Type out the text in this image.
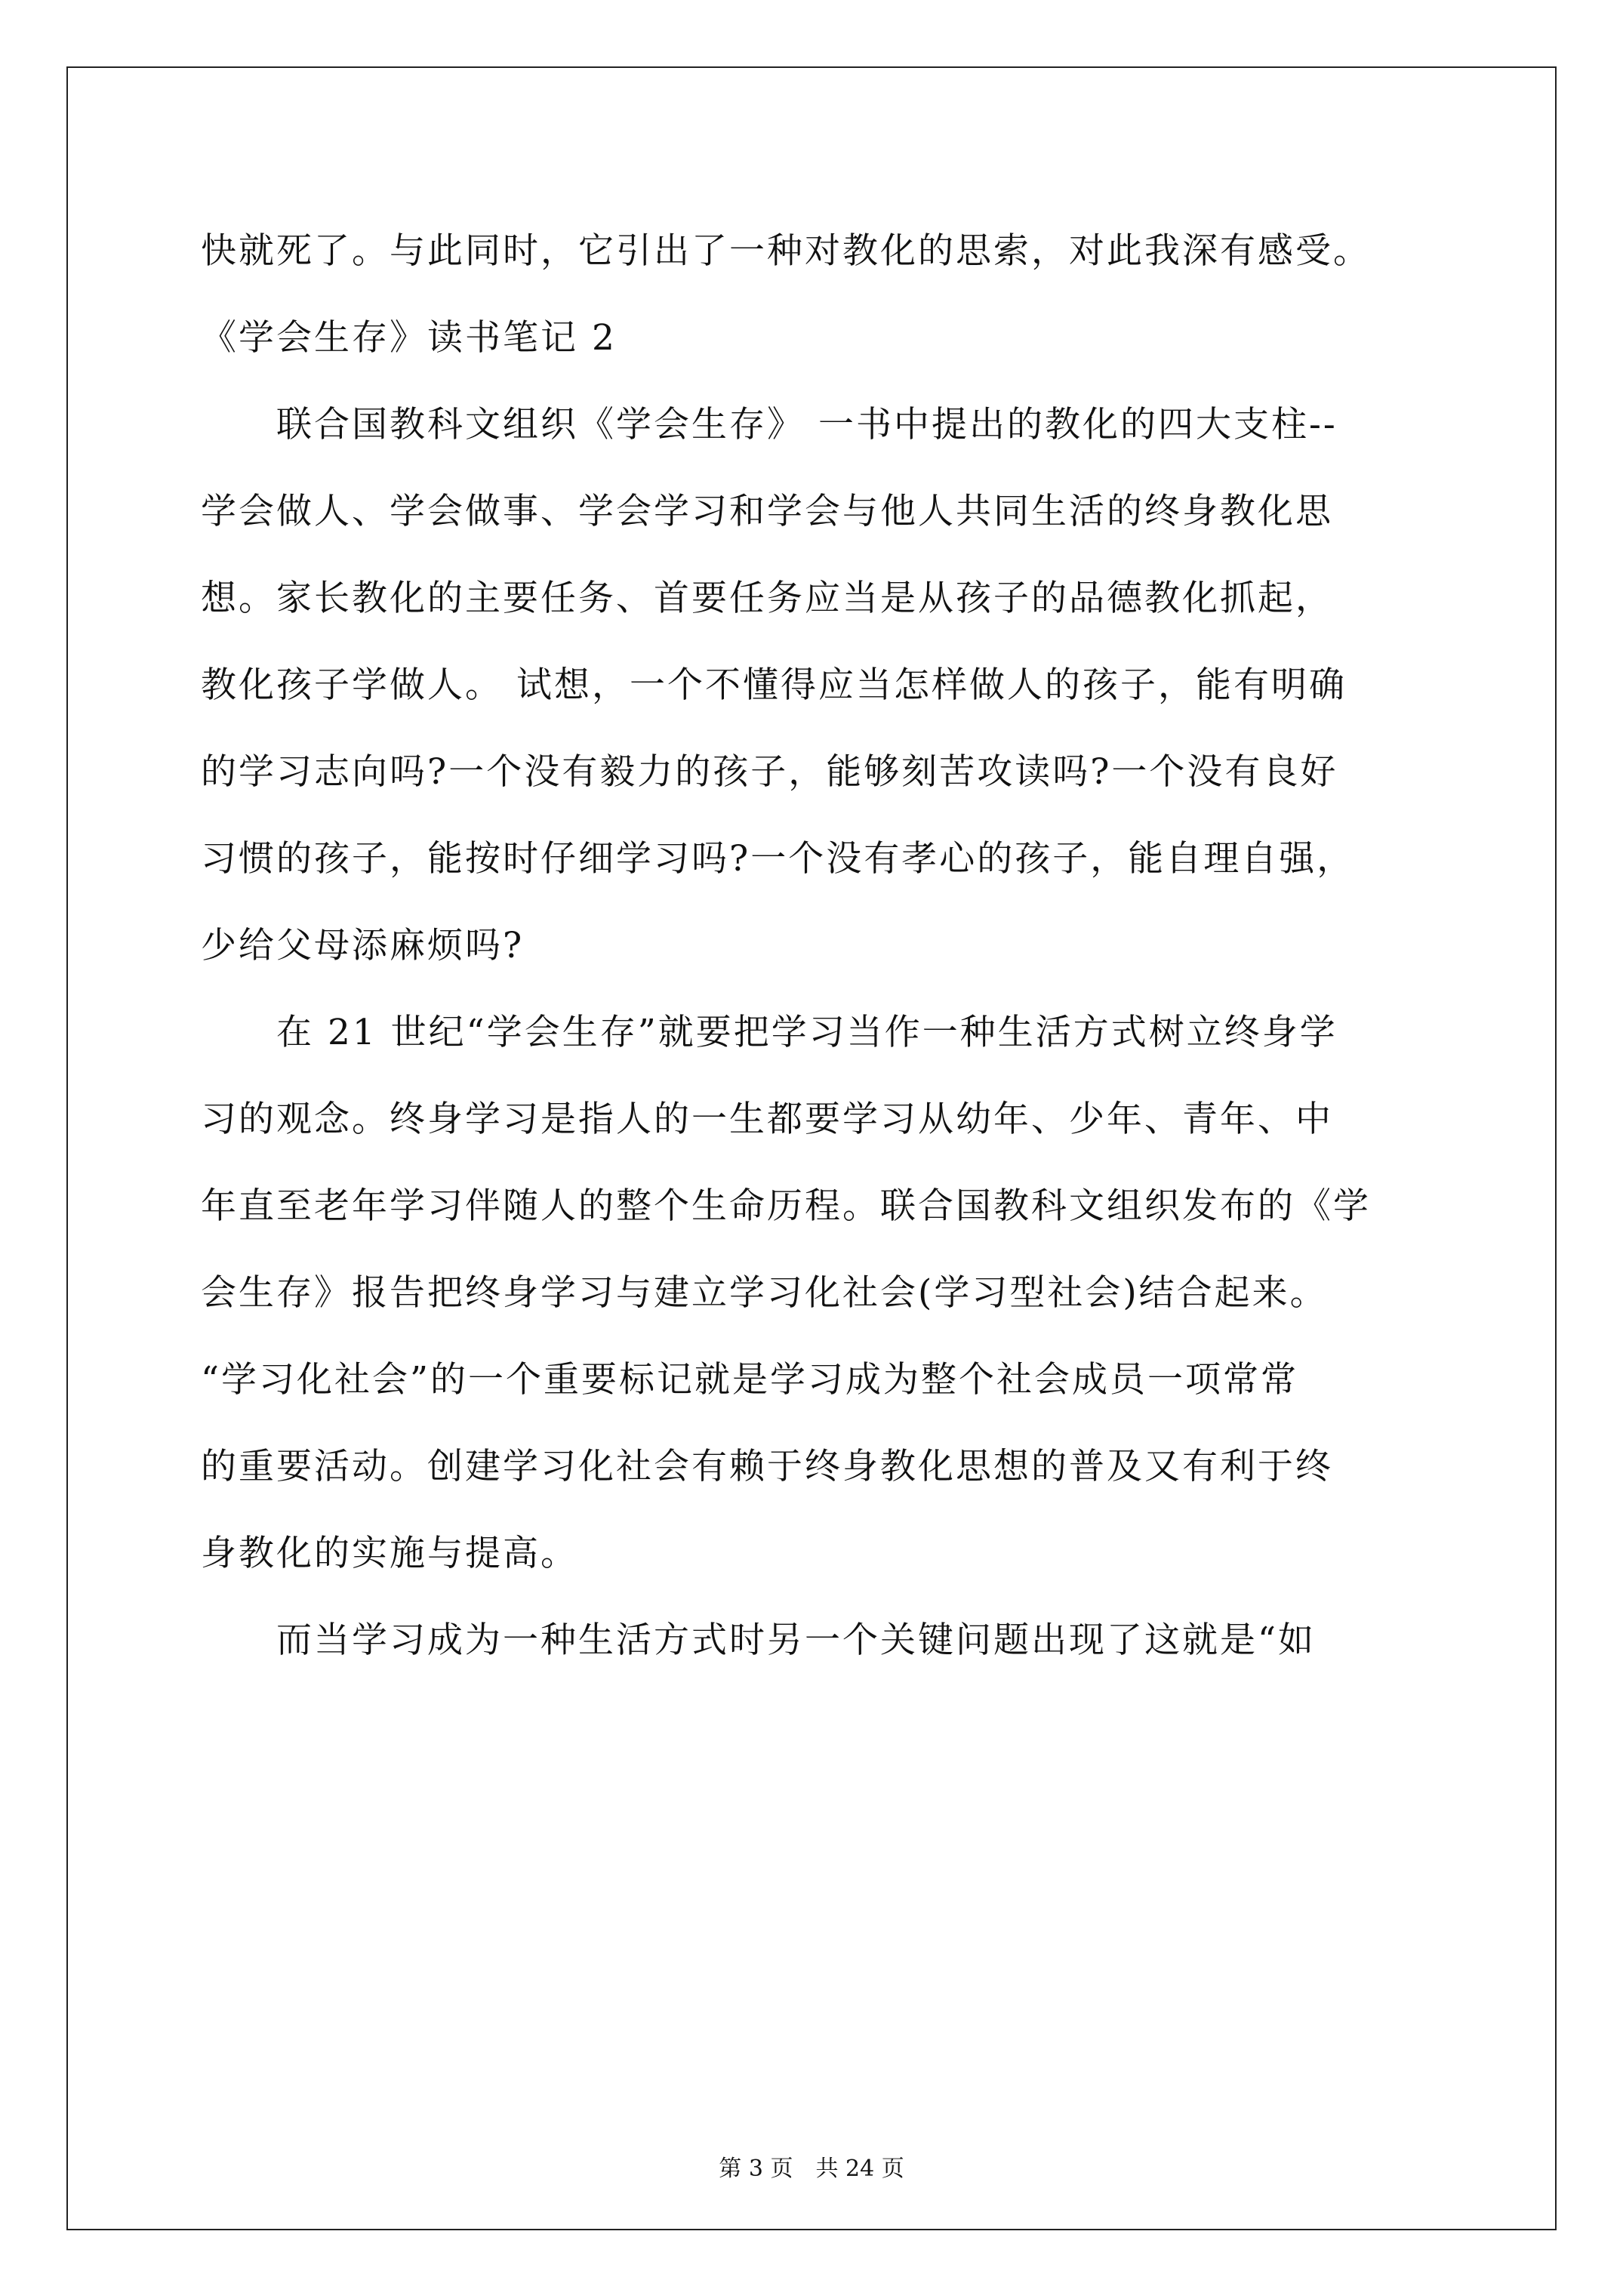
快就死了。与此同时，它引出了一种对教化的思索，对此我深有感受。
《学会生存》读书笔记 2
联合国教科文组织《学会生存》 一书中提出的教化的四大支柱--
学会做人、学会做事、学会学习和学会与他人共同生活的终身教化思
想。家长教化的主要任务、首要任务应当是从孩子的品德教化抓起，
教化孩子学做人。 试想，一个不懂得应当怎样做人的孩子，能有明确
的学习志向吗?一个没有毅力的孩子，能够刻苦攻读吗?一个没有良好
习惯的孩子，能按时仔细学习吗?一个没有孝心的孩子，能自理自强，
少给父母添麻烦吗?
在 21 世纪“学会生存”就要把学习当作一种生活方式树立终身学
习的观念。终身学习是指人的一生都要学习从幼年、少年、青年、中
年直至老年学习伴随人的整个生命历程。联合国教科文组织发布的《学
会生存》报告把终身学习与建立学习化社会(学习型社会)结合起来。
“学习化社会”的一个重要标记就是学习成为整个社会成员一项常常
的重要活动。创建学习化社会有赖于终身教化思想的普及又有利于终
身教化的实施与提高。
而当学习成为一种生活方式时另一个关键问题出现了这就是“如
第 3 页　共 24 页
